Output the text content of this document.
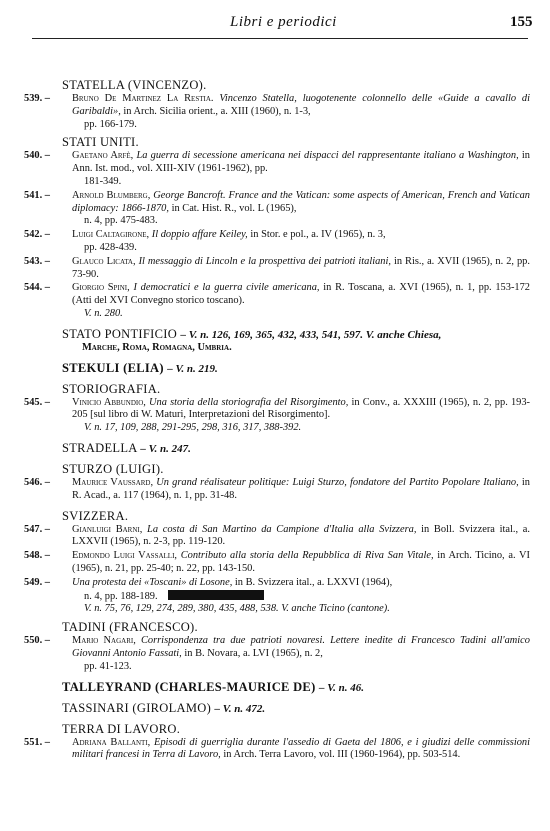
Libri e periodici	155
STATELLA (VINCENZO).
539. – Bruno De Martinez La Restia. Vincenzo Statella, luogotenente colonnello delle «Guide a cavallo di Garibaldi», in Arch. Sicilia orient., a. XIII (1960), n. 1-3,
pp. 166-179.
STATI UNITI.
540. – Gaetano Arfè, La guerra di secessione americana nei dispacci del rappresentante italiano a Washington, in Ann. Ist. mod., vol. XIII-XIV (1961-1962), pp.
181-349.
541. – Arnold Blumberg, George Bancroft. France and the Vatican: some aspects of American, French and Vatican diplomacy: 1866-1870, in Cat. Hist. R., vol. L (1965),
n. 4, pp. 475-483.
542. – Luigi Caltagirone, Il doppio affare Keiley, in Stor. e pol., a. IV (1965), n. 3,
pp. 428-439.
543. – Glauco Licata, Il messaggio di Lincoln e la prospettiva dei patrioti italiani, in Ris., a. XVII (1965), n. 2, pp. 73-90.
544. – Giorgio Spini, I democratici e la guerra civile americana, in R. Toscana, a. XVI (1965), n. 1, pp. 153-172 (Atti del XVI Convegno storico toscano).
V. n. 280.
STATO PONTIFICIO – V. n. 126, 169, 365, 432, 433, 541, 597. V. anche Chiesa,
Marche, Roma, Romagna, Umbria.
STEKULI (ELIA) – V. n. 219.
STORIOGRAFIA.
545. – Vinicio Abbundio, Una storia della storiografia del Risorgimento, in Conv., a. XXXIII (1965), n. 2, pp. 193-205 [sul libro di W. Maturi, Interpretazioni del Risorgimento].
V. n. 17, 109, 288, 291-295, 298, 316, 317, 388-392.
STRADELLA – V. n. 247.
STURZO (LUIGI).
546. – Maurice Vaussard, Un grand réalisateur politique: Luigi Sturzo, fondatore del Partito Popolare Italiano, in R. Acad., a. 117 (1964), n. 1, pp. 31-48.
SVIZZERA.
547. – Gianluigi Barni, La costa di San Martino da Campione d'Italia alla Svizzera, in Boll. Svizzera ital., a. LXXVII (1965), n. 2-3, pp. 119-120.
548. – Edmondo Luigi Vassalli, Contributo alla storia della Repubblica di Riva San Vitale, in Arch. Ticino, a. VI (1965), n. 21, pp. 25-40; n. 22, pp. 143-150.
549. – Una protesta dei «Toscani» di Losone, in B. Svizzera ital., a. LXXVI (1964),
n. 4, pp. 188-189.
V. n. 75, 76, 129, 274, 289, 380, 435, 488, 538. V. anche Ticino (cantone).
TADINI (FRANCESCO).
550. – Mario Nagari, Corrispondenza tra due patrioti novaresi. Lettere inedite di Francesco Tadini all'amico Giovanni Antonio Fassati, in B. Novara, a. LVI (1965), n. 2,
pp. 41-123.
TALLEYRAND (CHARLES-MAURICE DE) – V. n. 46.
TASSINARI (GIROLAMO) – V. n. 472.
TERRA DI LAVORO.
551. – Adriana Ballanti, Episodi di guerriglia durante l'assedio di Gaeta del 1806, e i giudizi delle commissioni militari francesi in Terra di Lavoro, in Arch. Terra Lavoro, vol. III (1960-1964), pp. 503-514.
